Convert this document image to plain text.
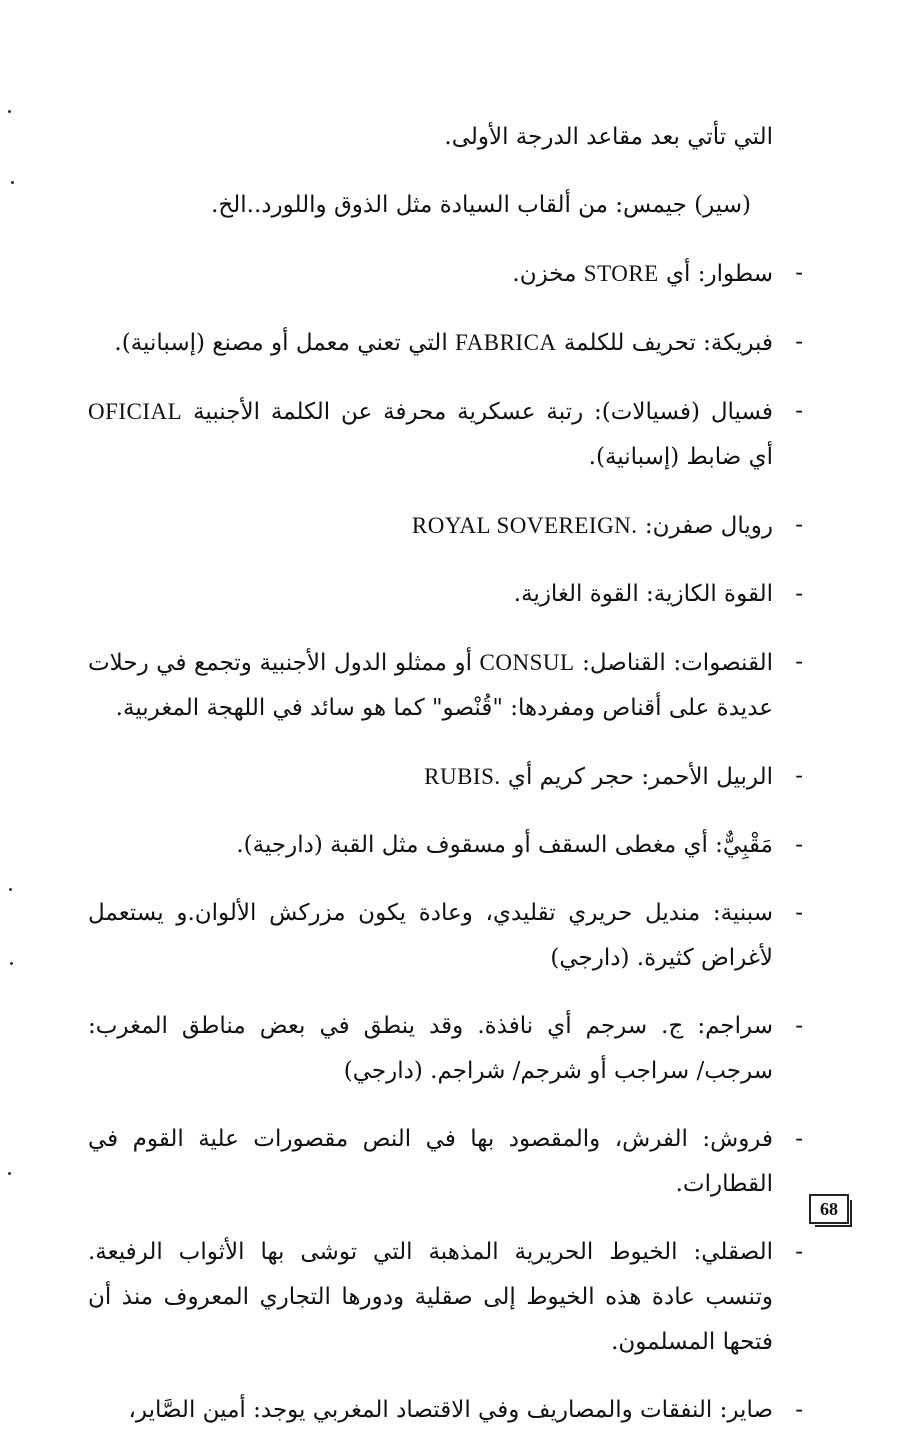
التي تأتي بعد مقاعد الدرجة الأولى.

(سير) جيمس: من ألقاب السيادة مثل الذوق واللورد..الخ.

-
سطوار: أي STORE مخزن.

-
فبريكة: تحريف للكلمة FABRICA التي تعني معمل أو مصنع (إسبانية).

-
فسيال (فسيالات): رتبة عسكرية محرفة عن الكلمة الأجنبية OFICIAL أي ضابط (إسبانية).

-
رويال صفرن: ROYAL SOVEREIGN.

-
القوة الكازية: القوة الغازية.

-
القنصوات: القناصل: CONSUL أو ممثلو الدول الأجنبية وتجمع في رحلات عديدة على أقناص ومفردها: "قُنْصو" كما هو سائد في اللهجة المغربية.

-
الربيل الأحمر: حجر كريم أي RUBIS.

-
مَقْبِيٌّ: أي مغطى السقف أو مسقوف مثل القبة (دارجية).

-
سبنية: منديل حريري تقليدي، وعادة يكون مزركش الألوان.و يستعمل لأغراض كثيرة. (دارجي)

-
سراجم: ج. سرجم أي نافذة. وقد ينطق في بعض مناطق المغرب: سرجب/ سراجب أو شرجم/ شراجم. (دارجي)

-
فروش: الفرش، والمقصود بها في النص مقصورات علية القوم في القطارات.

-
الصقلي: الخيوط الحريرية المذهبة التي توشى بها الأثواب الرفيعة. وتنسب عادة هذه الخيوط إلى صقلية ودورها التجاري المعروف منذ أن فتحها المسلمون.

-
صاير: النفقات والمصاريف وفي الاقتصاد المغربي يوجد: أمين الصَّاير،

68
